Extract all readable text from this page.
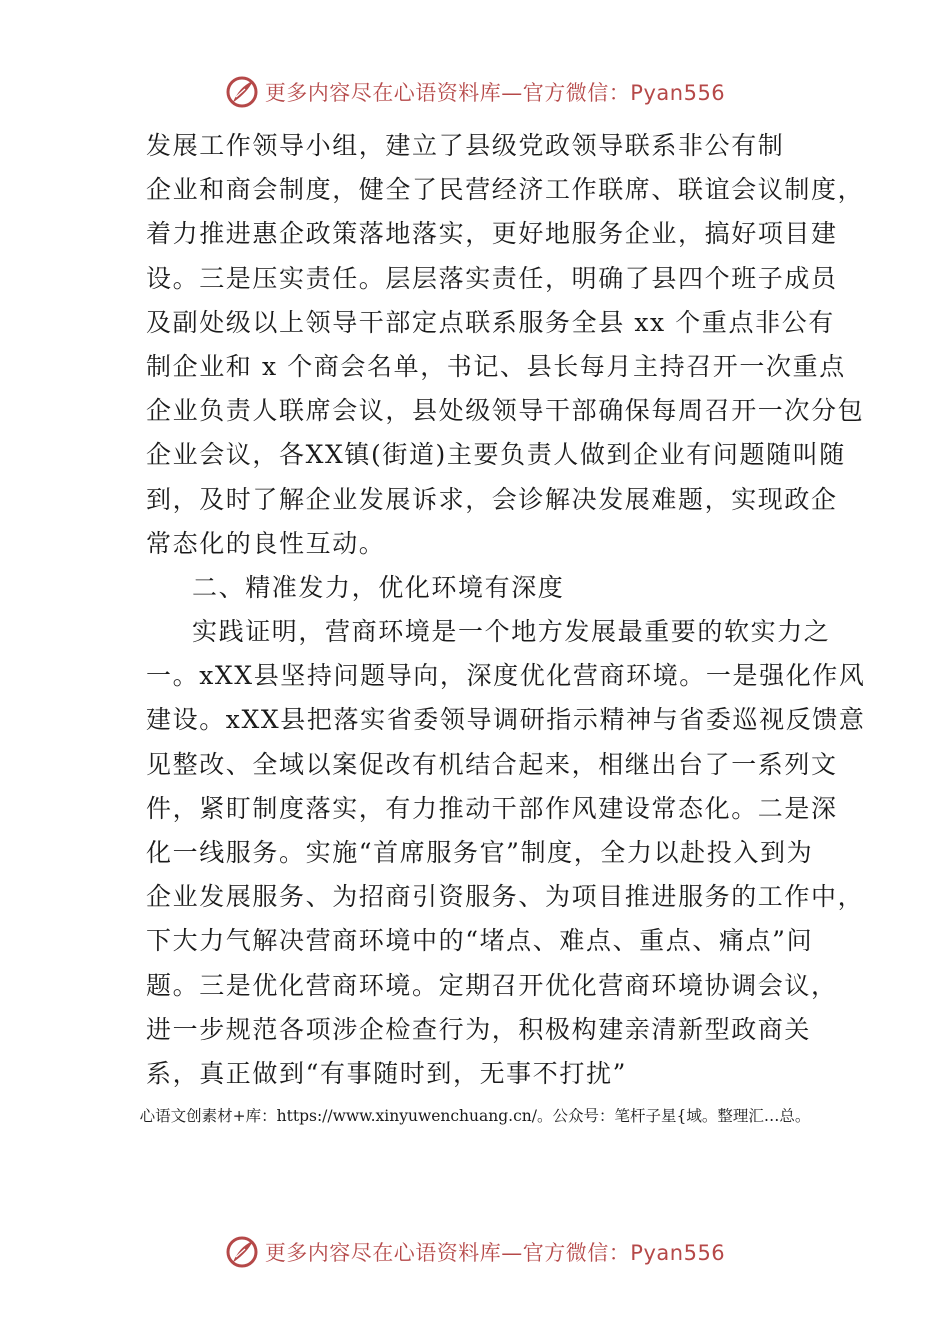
更多内容尽在心语资料库—官方微信：Pyan556
发展工作领导小组，建立了县级党政领导联系非公有制
企业和商会制度，健全了民营经济工作联席、联谊会议制度，
着力推进惠企政策落地落实，更好地服务企业，搞好项目建
设。三是压实责任。层层落实责任，明确了县四个班子成员
及副处级以上领导干部定点联系服务全县 xx 个重点非公有
制企业和 x 个商会名单，书记、县长每月主持召开一次重点
企业负责人联席会议，县处级领导干部确保每周召开一次分包
企业会议，各XX镇(街道)主要负责人做到企业有问题随叫随
到，及时了解企业发展诉求，会诊解决发展难题，实现政企
常态化的良性互动。
二、精准发力，优化环境有深度
实践证明，营商环境是一个地方发展最重要的软实力之
一。xXX县坚持问题导向，深度优化营商环境。一是强化作风
建设。xXX县把落实省委领导调研指示精神与省委巡视反馈意
见整改、全域以案促改有机结合起来，相继出台了一系列文
件，紧盯制度落实，有力推动干部作风建设常态化。二是深
化一线服务。实施“首席服务官”制度，全力以赴投入到为
企业发展服务、为招商引资服务、为项目推进服务的工作中，
下大力气解决营商环境中的“堵点、难点、重点、痛点”问
题。三是优化营商环境。定期召开优化营商环境协调会议，
进一步规范各项涉企检查行为，积极构建亲清新型政商关
系，真正做到“有事随时到，无事不打扰”
心语文创素材+库：https://www.xinyuwenchuang.cn/。公众号：笔杆子星{域。整理汇…总。
更多内容尽在心语资料库—官方微信：Pyan556
